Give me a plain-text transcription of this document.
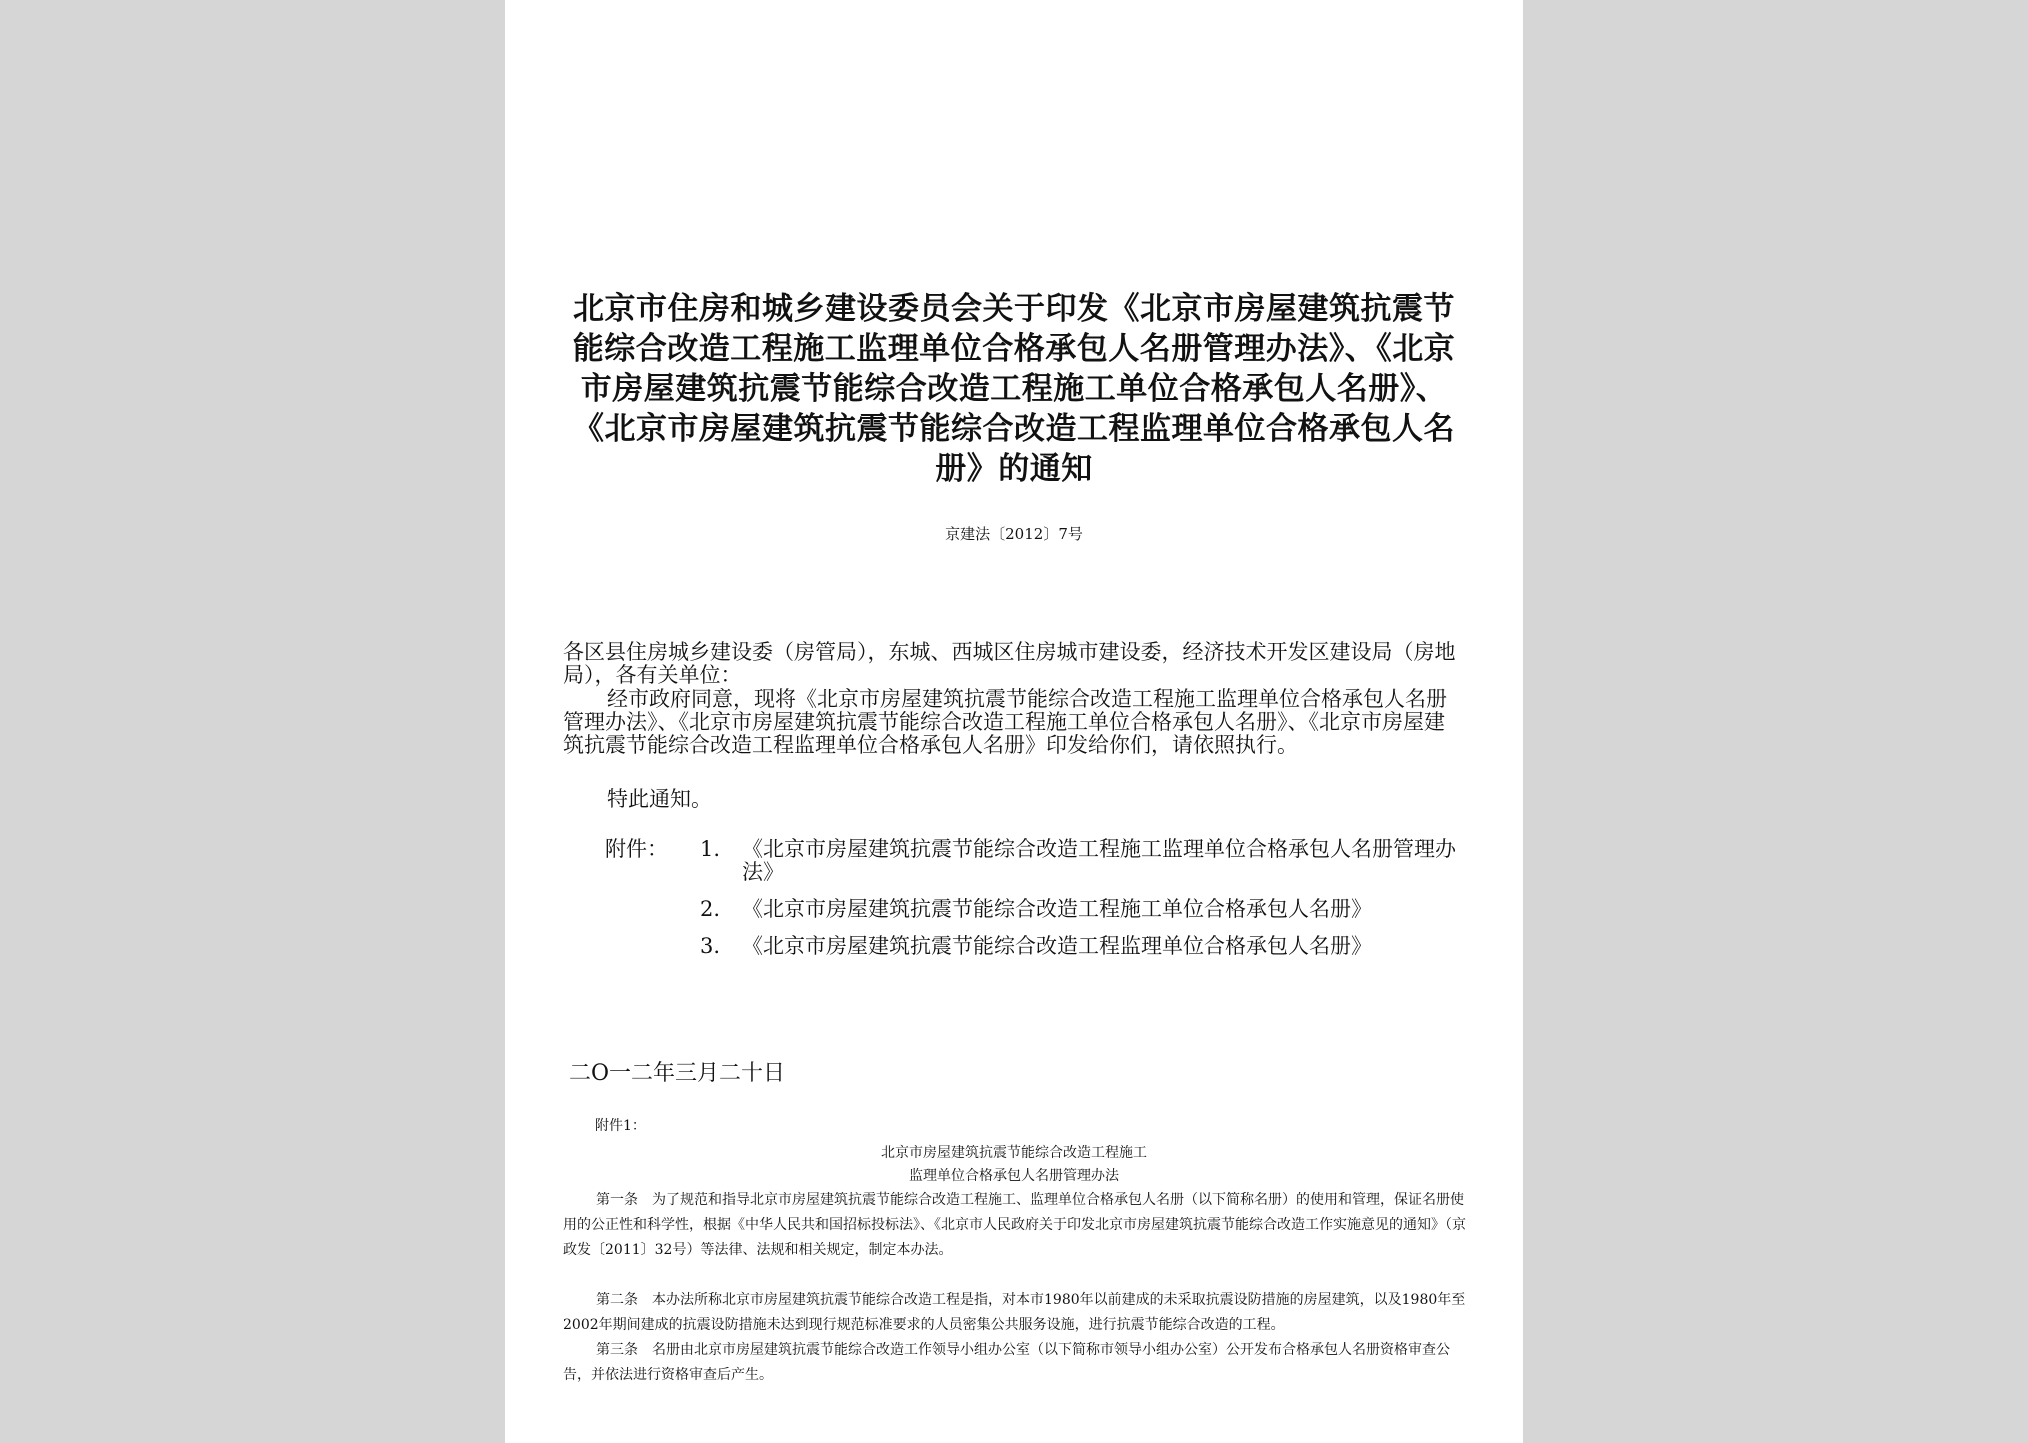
北京市住房和城乡建设委员会关于印发《北京市房屋建筑抗震节能综合改造工程施工监理单位合格承包人名册管理办法》、《北京市房屋建筑抗震节能综合改造工程施工单位合格承包人名册》、《北京市房屋建筑抗震节能综合改造工程监理单位合格承包人名册》的通知
京建法〔2012〕7号

各区县住房城乡建设委（房管局），东城、西城区住房城市建设委，经济技术开发区建设局（房地局），各有关单位：

经市政府同意，现将《北京市房屋建筑抗震节能综合改造工程施工监理单位合格承包人名册管理办法》、《北京市房屋建筑抗震节能综合改造工程施工单位合格承包人名册》、《北京市房屋建筑抗震节能综合改造工程监理单位合格承包人名册》印发给你们，请依照执行。

特此通知。

附件：	1.	《北京市房屋建筑抗震节能综合改造工程施工监理单位合格承包人名册管理办法》
2.	《北京市房屋建筑抗震节能综合改造工程施工单位合格承包人名册》
3.	《北京市房屋建筑抗震节能综合改造工程监理单位合格承包人名册》
二O一二年三月二十日
附件1：
北京市房屋建筑抗震节能综合改造工程施工
监理单位合格承包人名册管理办法

第一条　为了规范和指导北京市房屋建筑抗震节能综合改造工程施工、监理单位合格承包人名册（以下简称名册）的使用和管理，保证名册使用的公正性和科学性，根据《中华人民共和国招标投标法》、《北京市人民政府关于印发北京市房屋建筑抗震节能综合改造工作实施意见的通知》（京政发〔2011〕32号）等法律、法规和相关规定，制定本办法。

第二条　本办法所称北京市房屋建筑抗震节能综合改造工程是指，对本市1980年以前建成的未采取抗震设防措施的房屋建筑，以及1980年至2002年期间建成的抗震设防措施未达到现行规范标准要求的人员密集公共服务设施，进行抗震节能综合改造的工程。

第三条　名册由北京市房屋建筑抗震节能综合改造工作领导小组办公室（以下简称市领导小组办公室）公开发布合格承包人名册资格审查公告，并依法进行资格审查后产生。
